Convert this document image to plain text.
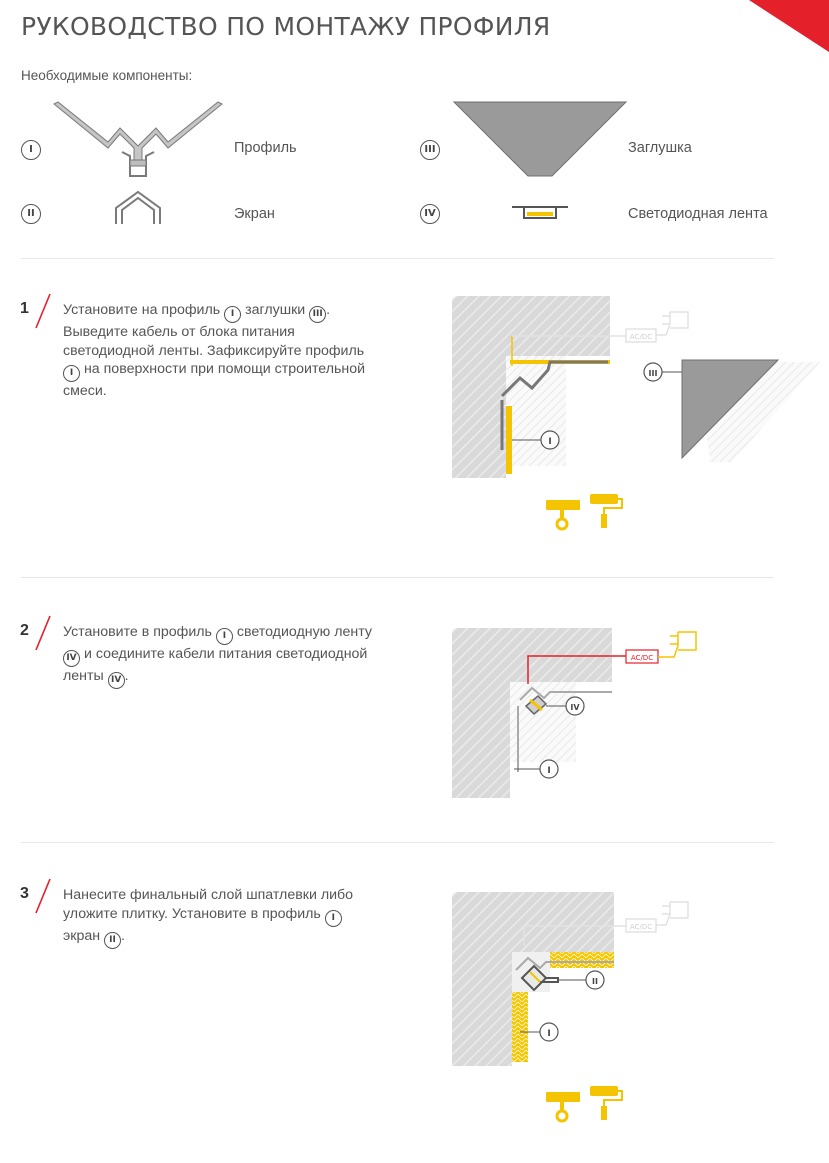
РУКОВОДСТВО ПО МОНТАЖУ ПРОФИЛЯ
Необходимые компоненты:
I	Профиль
II	Экран
III	Заглушка
IV	Светодиодная лента
1 Установите на профиль I заглушки III . Выведите кабель от блока питания светодиодной ленты. Зафиксируйте профиль I на поверхности при помощи строительной смеси.
AC/DC
I
III
2 Установите в профиль I светодиодную ленту IV и соедините кабели питания светодиодной ленты IV .
AC/DC
IV
I
3 Нанесите финальный слой шпатлевки либо уложите плитку. Установите в профиль I экран II .
AC/DC
II
I
